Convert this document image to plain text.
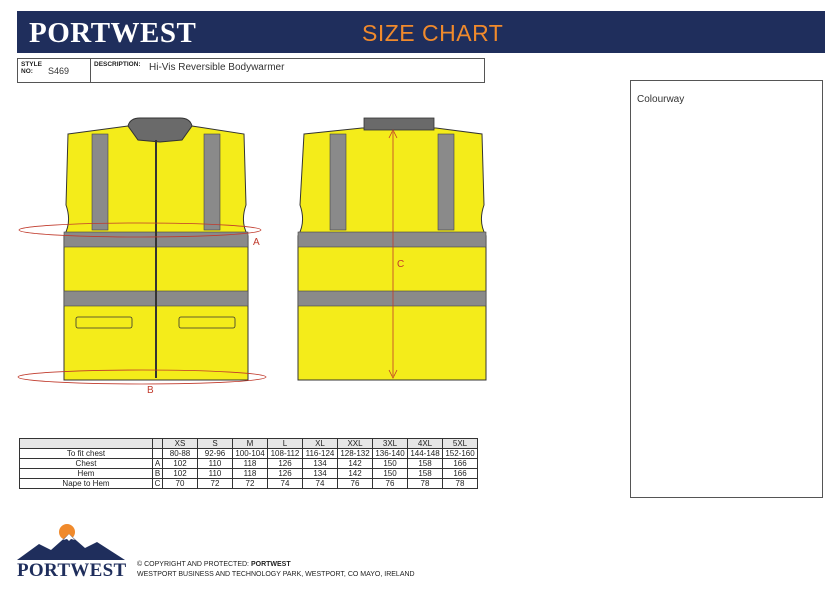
PORTWEST	SIZE CHART
STYLE NO:	S469
DESCRIPTION: Hi-Vis Reversible Bodywarmer
A
B
C
Colourway
		XS	S	M	L	XL	XXL	3XL	4XL	5XL
To fit chest		80-88	92-96	100-104	108-112	116-124	128-132	136-140	144-148	152-160
Chest	A	102	110	118	126	134	142	150	158	166
Hem	B	102	110	118	126	134	142	150	158	166
Nape to Hem	C	70	72	72	74	74	76	76	78	78
PORTWEST © COPYRIGHT AND PROTECTED: PORTWEST
WESTPORT BUSINESS AND TECHNOLOGY PARK, WESTPORT, CO MAYO, IRELAND
